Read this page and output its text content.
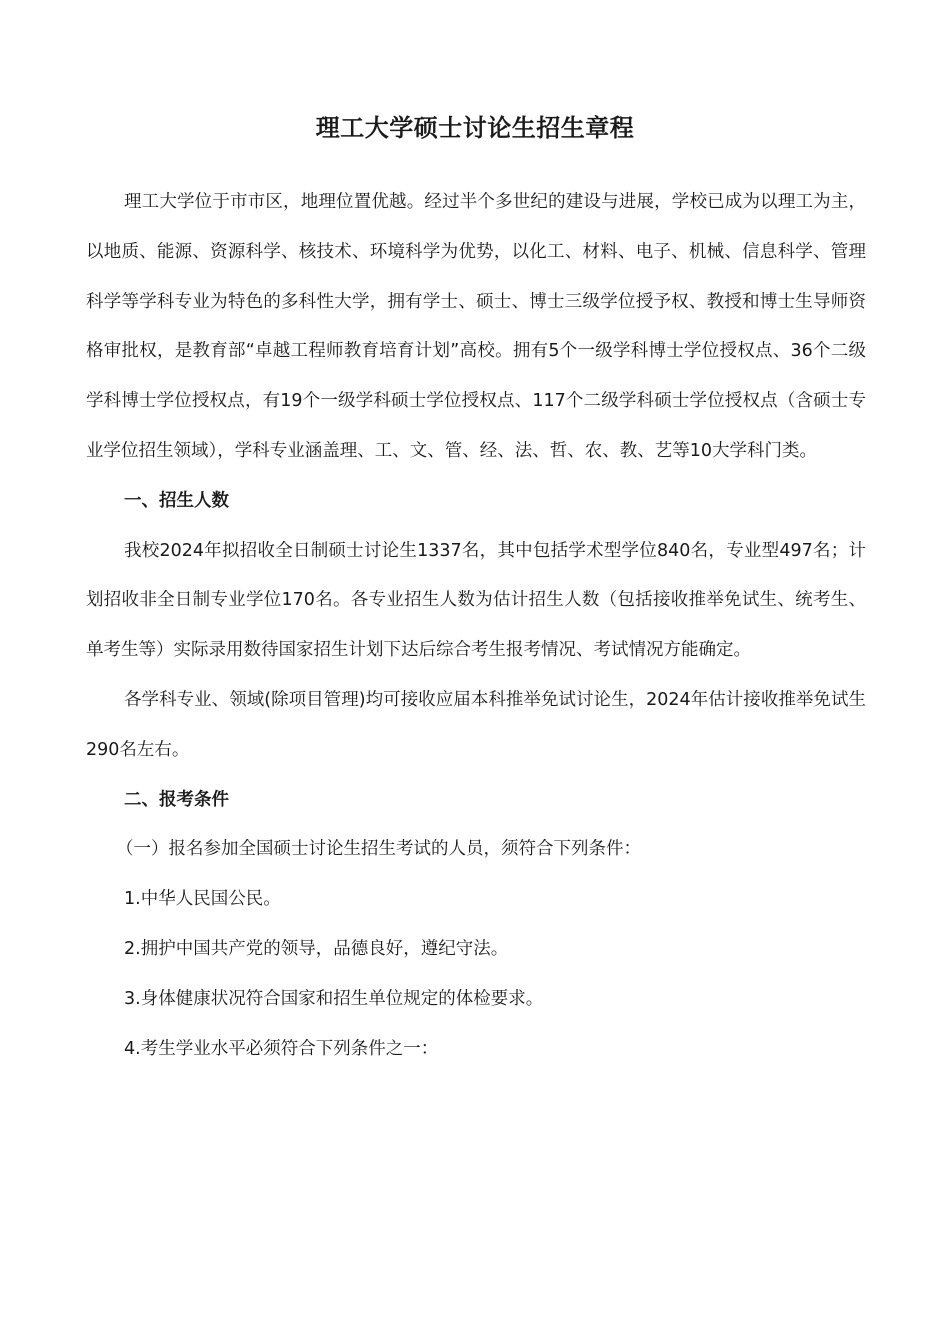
理工大学硕士讨论生招生章程

理工大学位于市市区，地理位置优越。经过半个多世纪的建设与进展，学校已成为以理工为主，以地质、能源、资源科学、核技术、环境科学为优势，以化工、材料、电子、机械、信息科学、管理科学等学科专业为特色的多科性大学，拥有学士、硕士、博士三级学位授予权、教授和博士生导师资格审批权，是教育部“卓越工程师教育培育计划”高校。拥有5个一级学科博士学位授权点、36个二级学科博士学位授权点，有19个一级学科硕士学位授权点、117个二级学科硕士学位授权点（含硕士专业学位招生领域），学科专业涵盖理、工、文、管、经、法、哲、农、教、艺等10大学科门类。

一、招生人数

我校2024年拟招收全日制硕士讨论生1337名，其中包括学术型学位840名，专业型497名；计划招收非全日制专业学位170名。各专业招生人数为估计招生人数（包括接收推举免试生、统考生、单考生等）实际录用数待国家招生计划下达后综合考生报考情况、考试情况方能确定。

各学科专业、领域(除项目管理)均可接收应届本科推举免试讨论生，2024年估计接收推举免试生290名左右。

二、报考条件

（一）报名参加全国硕士讨论生招生考试的人员，须符合下列条件：

1.中华人民国公民。

2.拥护中国共产党的领导，品德良好，遵纪守法。

3.身体健康状况符合国家和招生单位规定的体检要求。

4.考生学业水平必须符合下列条件之一：
